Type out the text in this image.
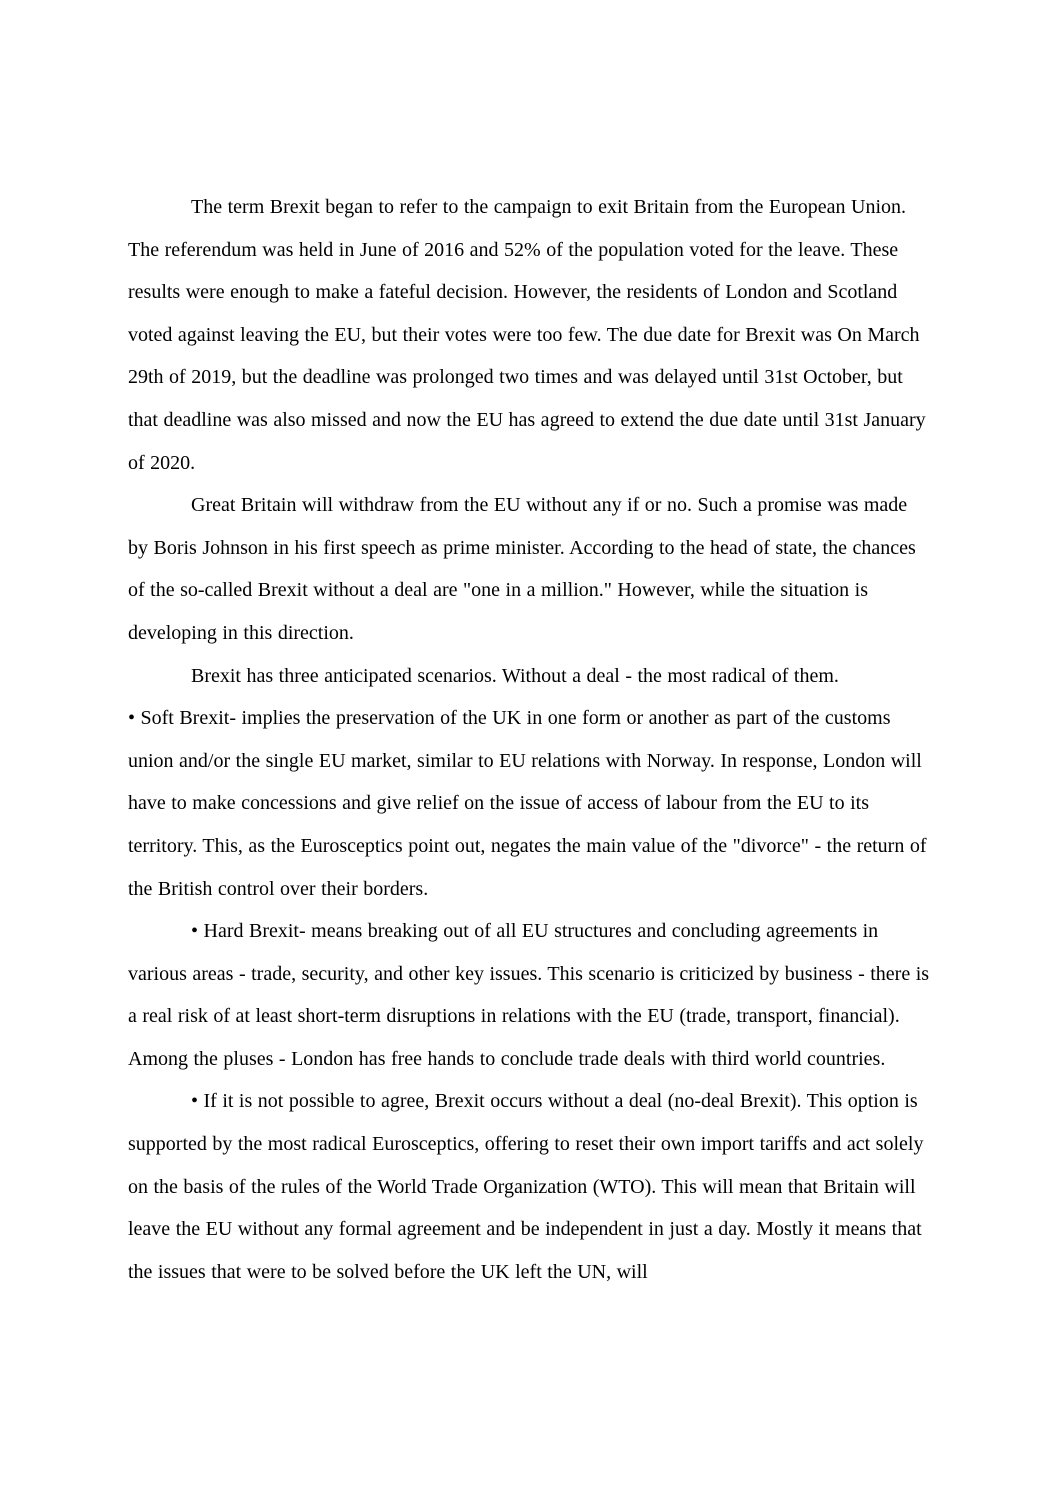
The term Brexit began to refer to the campaign to exit Britain from the European Union. The referendum was held in June of 2016 and 52% of the population voted for the leave. These results were enough to make a fateful decision. However, the residents of London and Scotland voted against leaving the EU, but their votes were too few. The due date for Brexit was On March 29th of 2019, but the deadline was prolonged two times and was delayed until 31st October, but that deadline was also missed and now the EU has agreed to extend the due date until 31st January of 2020.

Great Britain will withdraw from the EU without any if or no. Such a promise was made by Boris Johnson in his first speech as prime minister. According to the head of state, the chances of the so-called Brexit without a deal are "one in a million." However, while the situation is developing in this direction.

Brexit has three anticipated scenarios. Without a deal - the most radical of them.

• Soft Brexit- implies the preservation of the UK in one form or another as part of the customs union and/or the single EU market, similar to EU relations with Norway. In response, London will have to make concessions and give relief on the issue of access of labour from the EU to its territory. This, as the Eurosceptics point out, negates the main value of the "divorce" - the return of the British control over their borders.

• Hard Brexit- means breaking out of all EU structures and concluding agreements in various areas - trade, security, and other key issues. This scenario is criticized by business - there is a real risk of at least short-term disruptions in relations with the EU (trade, transport, financial). Among the pluses - London has free hands to conclude trade deals with third world countries.

• If it is not possible to agree, Brexit occurs without a deal (no-deal Brexit). This option is supported by the most radical Eurosceptics, offering to reset their own import tariffs and act solely on the basis of the rules of the World Trade Organization (WTO). This will mean that Britain will leave the EU without any formal agreement and be independent in just a day. Mostly it means that the issues that were to be solved before the UK left the UN, will
